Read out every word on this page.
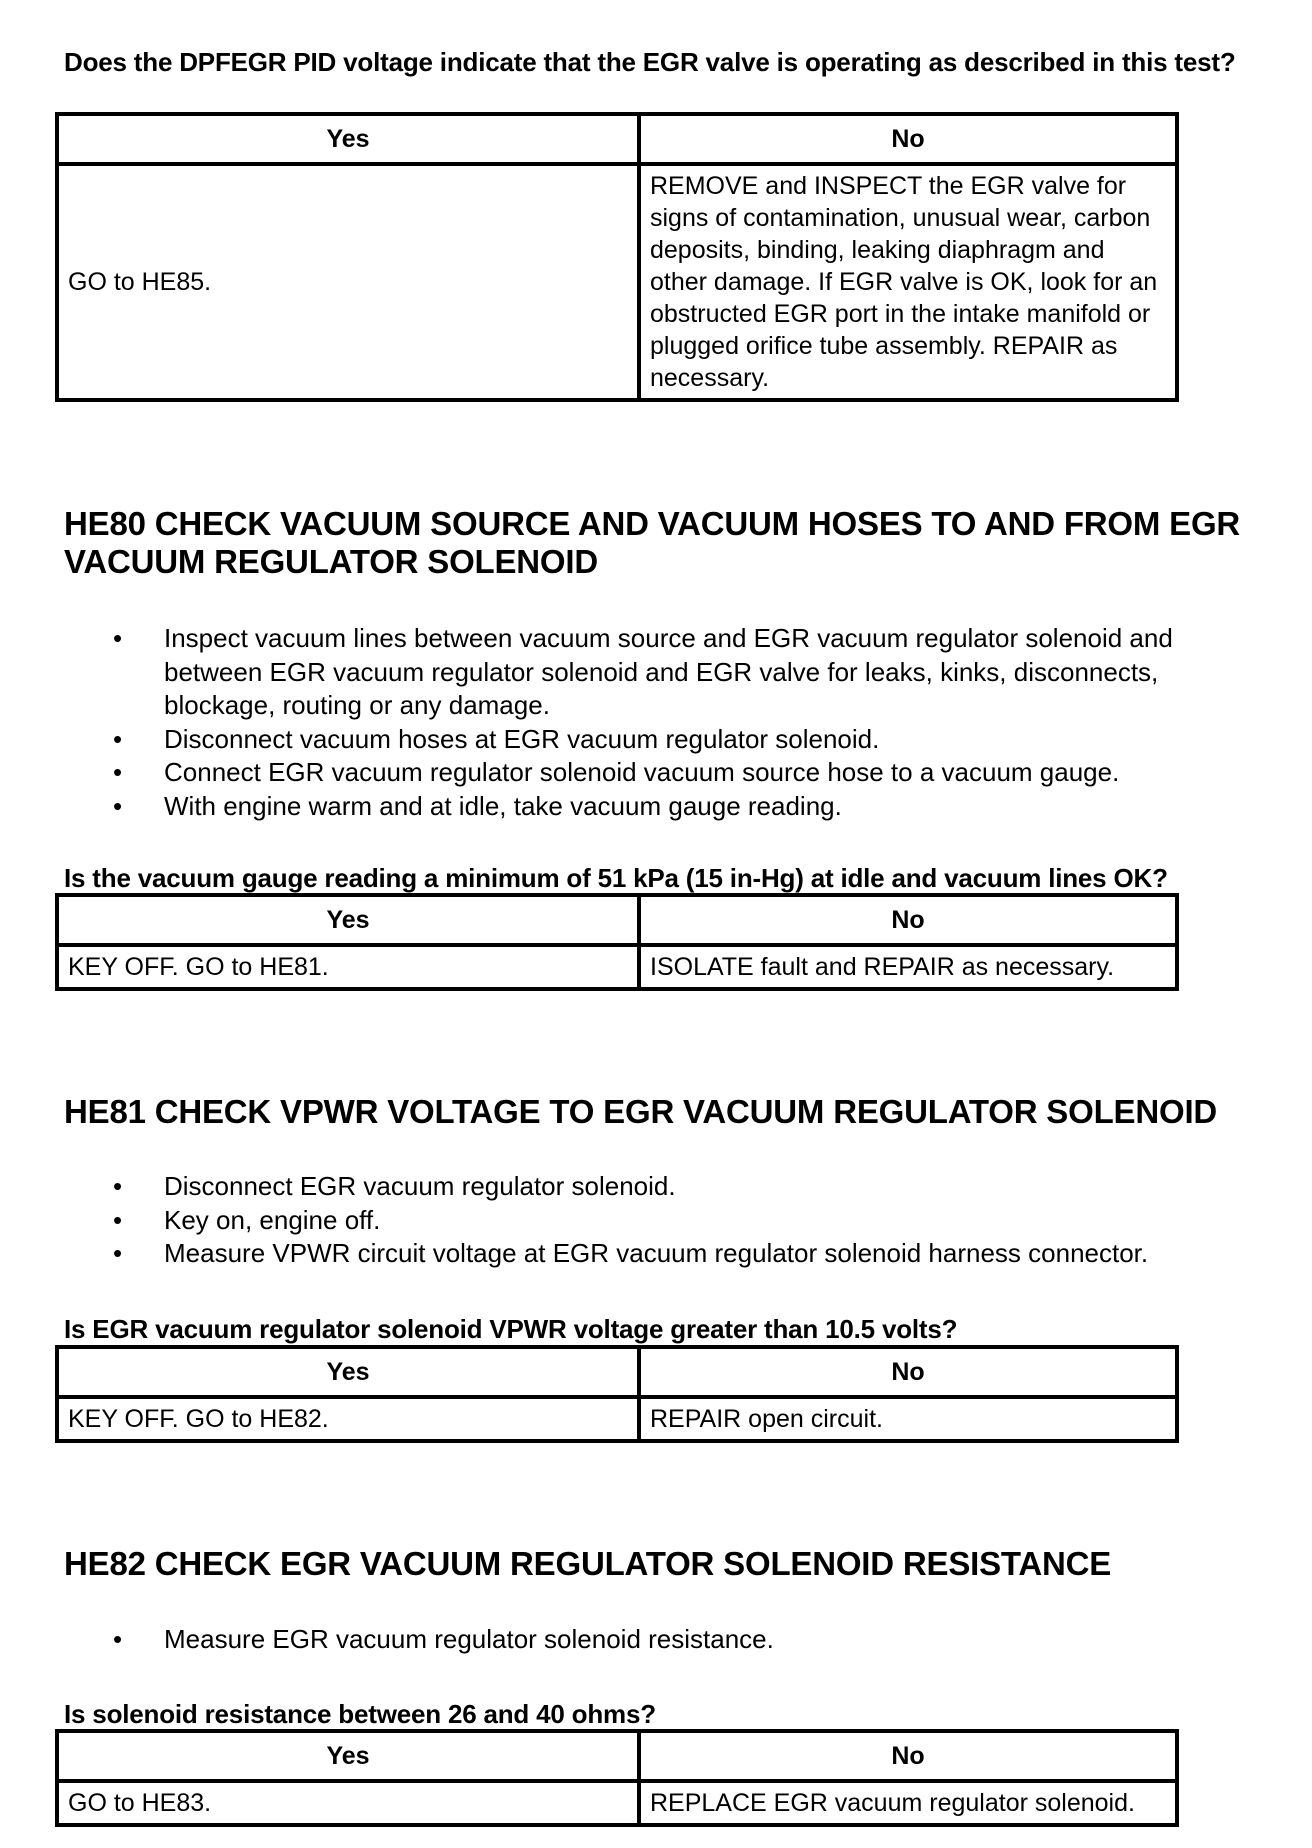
Does the DPFEGR PID voltage indicate that the EGR valve is operating as described in this test?
Yes	No
GO to HE85.	REMOVE and INSPECT the EGR valve for signs of contamination, unusual wear, carbon deposits, binding, leaking diaphragm and other damage. If EGR valve is OK, look for an obstructed EGR port in the intake manifold or plugged orifice tube assembly. REPAIR as necessary.
HE80 CHECK VACUUM SOURCE AND VACUUM HOSES TO AND FROM EGR VACUUM REGULATOR SOLENOID
• Inspect vacuum lines between vacuum source and EGR vacuum regulator solenoid and between EGR vacuum regulator solenoid and EGR valve for leaks, kinks, disconnects, blockage, routing or any damage.
• Disconnect vacuum hoses at EGR vacuum regulator solenoid.
• Connect EGR vacuum regulator solenoid vacuum source hose to a vacuum gauge.
• With engine warm and at idle, take vacuum gauge reading.
Is the vacuum gauge reading a minimum of 51 kPa (15 in-Hg) at idle and vacuum lines OK?
Yes	No
KEY OFF. GO to HE81.	ISOLATE fault and REPAIR as necessary.
HE81 CHECK VPWR VOLTAGE TO EGR VACUUM REGULATOR SOLENOID
• Disconnect EGR vacuum regulator solenoid.
• Key on, engine off.
• Measure VPWR circuit voltage at EGR vacuum regulator solenoid harness connector.
Is EGR vacuum regulator solenoid VPWR voltage greater than 10.5 volts?
Yes	No
KEY OFF. GO to HE82.	REPAIR open circuit.
HE82 CHECK EGR VACUUM REGULATOR SOLENOID RESISTANCE
• Measure EGR vacuum regulator solenoid resistance.
Is solenoid resistance between 26 and 40 ohms?
Yes	No
GO to HE83.	REPLACE EGR vacuum regulator solenoid.
